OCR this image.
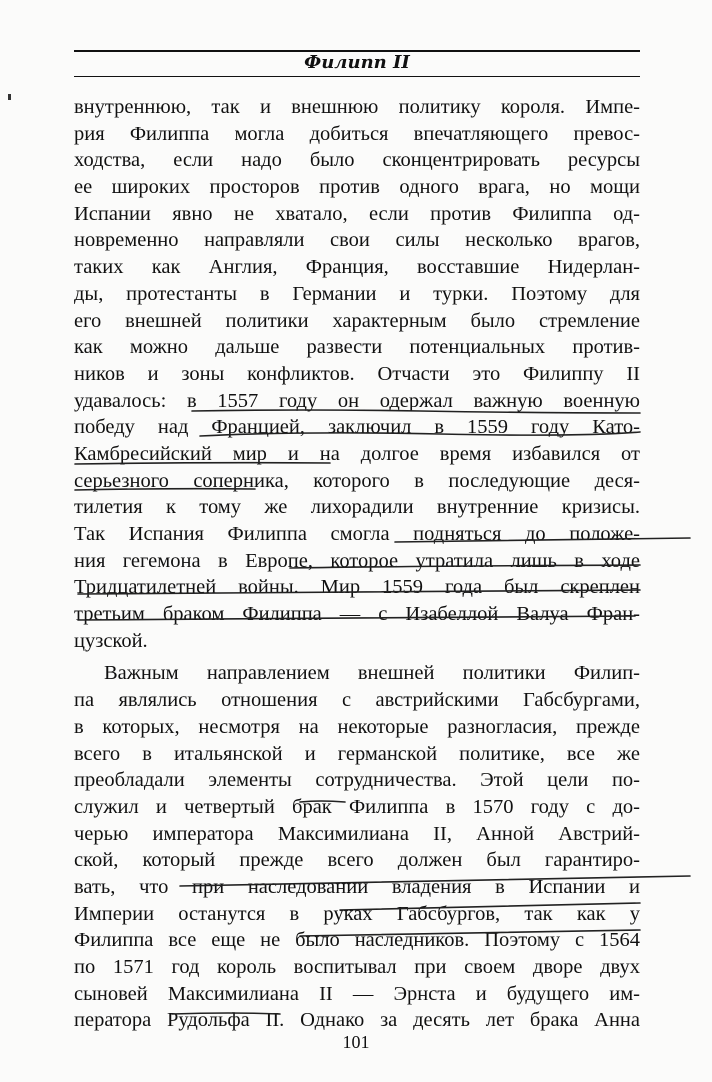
Филипп II
внутреннюю, так и внешнюю политику короля. Импе-
рия Филиппа могла добиться впечатляющего превос-
ходства, если надо было сконцентрировать ресурсы
ее широких просторов против одного врага, но мощи
Испании явно не хватало, если против Филиппа од-
новременно направляли свои силы несколько врагов,
таких как Англия, Франция, восставшие Нидерлан-
ды, протестанты в Германии и турки. Поэтому для
его внешней политики характерным было стремление
как можно дальше развести потенциальных против-
ников и зоны конфликтов. Отчасти это Филиппу II
удавалось: в 1557 году он одержал важную военную
победу над Францией, заключил в 1559 году Като-
Камбресийский мир и на долгое время избавился от
серьезного соперника, которого в последующие деся-
тилетия к тому же лихорадили внутренние кризисы.
Так Испания Филиппа смогла подняться до положе-
ния гегемона в Европе, которое утратила лишь в ходе
Тридцатилетней войны. Мир 1559 года был скреплен
третьим браком Филиппа — с Изабеллой Валуа Фран-
цузской.
Важным направлением внешней политики Филип-
па являлись отношения с австрийскими Габсбургами,
в которых, несмотря на некоторые разногласия, прежде
всего в итальянской и германской политике, все же
преобладали элементы сотрудничества. Этой цели по-
служил и четвертый брак Филиппа в 1570 году с до-
черью императора Максимилиана II, Анной Австрий-
ской, который прежде всего должен был гарантиро-
вать, что при наследовании владения в Испании и
Империи останутся в руках Габсбургов, так как у
Филиппа все еще не было наследников. Поэтому с 1564
по 1571 год король воспитывал при своем дворе двух
сыновей Максимилиана II — Эрнста и будущего им-
ператора Рудольфа II. Однако за десять лет брака Анна
101
